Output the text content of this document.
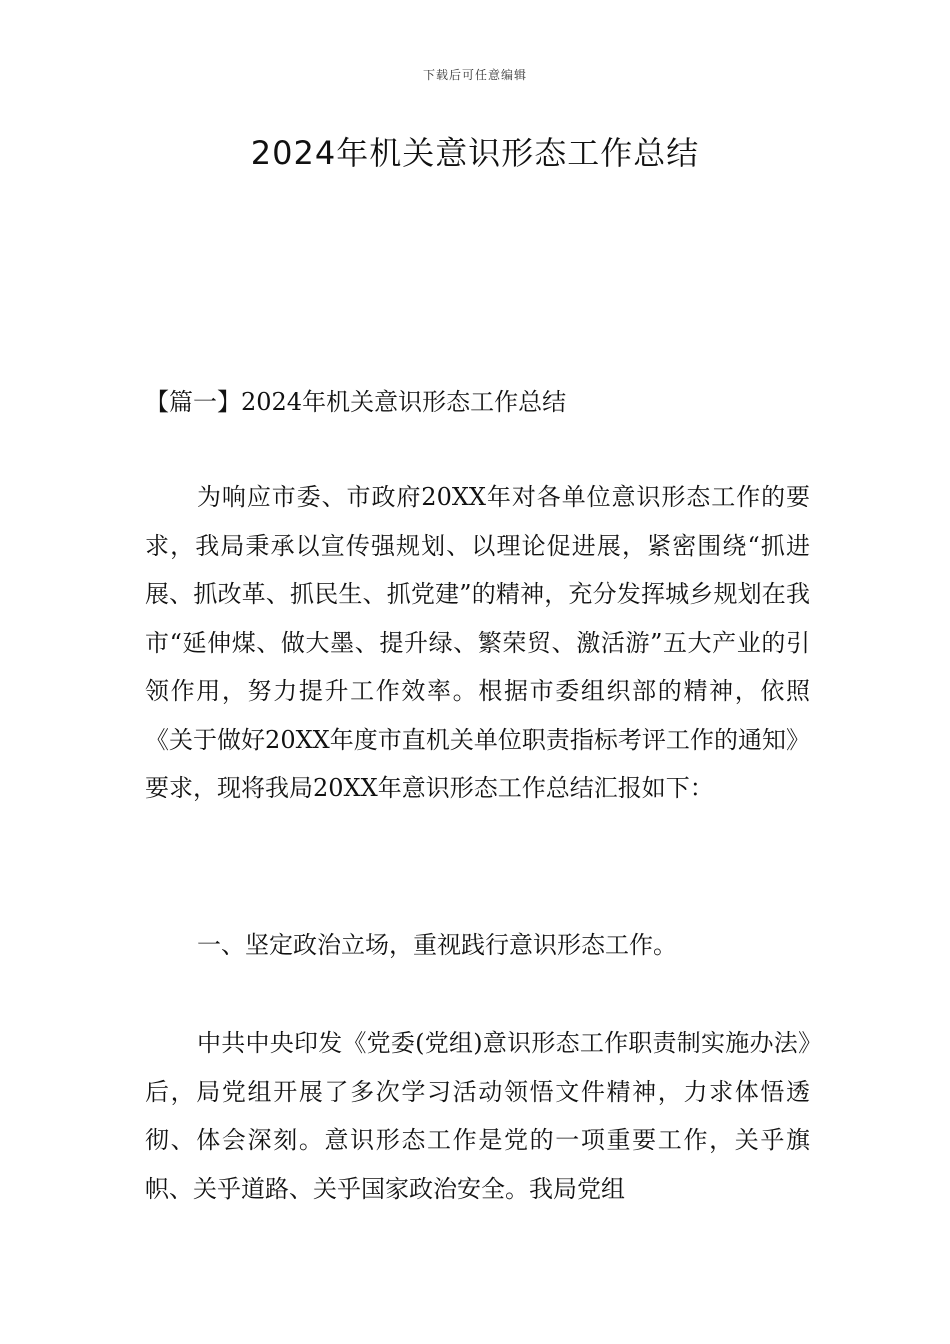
下载后可任意编辑
2024年机关意识形态工作总结

【篇一】2024年机关意识形态工作总结

为响应市委、市政府20XX年对各单位意识形态工作的要求，我局秉承以宣传强规划、以理论促进展，紧密围绕“抓进展、抓改革、抓民生、抓党建”的精神，充分发挥城乡规划在我市“延伸煤、做大墨、提升绿、繁荣贸、激活游”五大产业的引领作用，努力提升工作效率。根据市委组织部的精神，依照《关于做好20XX年度市直机关单位职责指标考评工作的通知》要求，现将我局20XX年意识形态工作总结汇报如下：

一、坚定政治立场，重视践行意识形态工作。

中共中央印发《党委(党组)意识形态工作职责制实施办法》后，局党组开展了多次学习活动领悟文件精神，力求体悟透彻、体会深刻。意识形态工作是党的一项重要工作，关乎旗帜、关乎道路、关乎国家政治安全。我局党组
